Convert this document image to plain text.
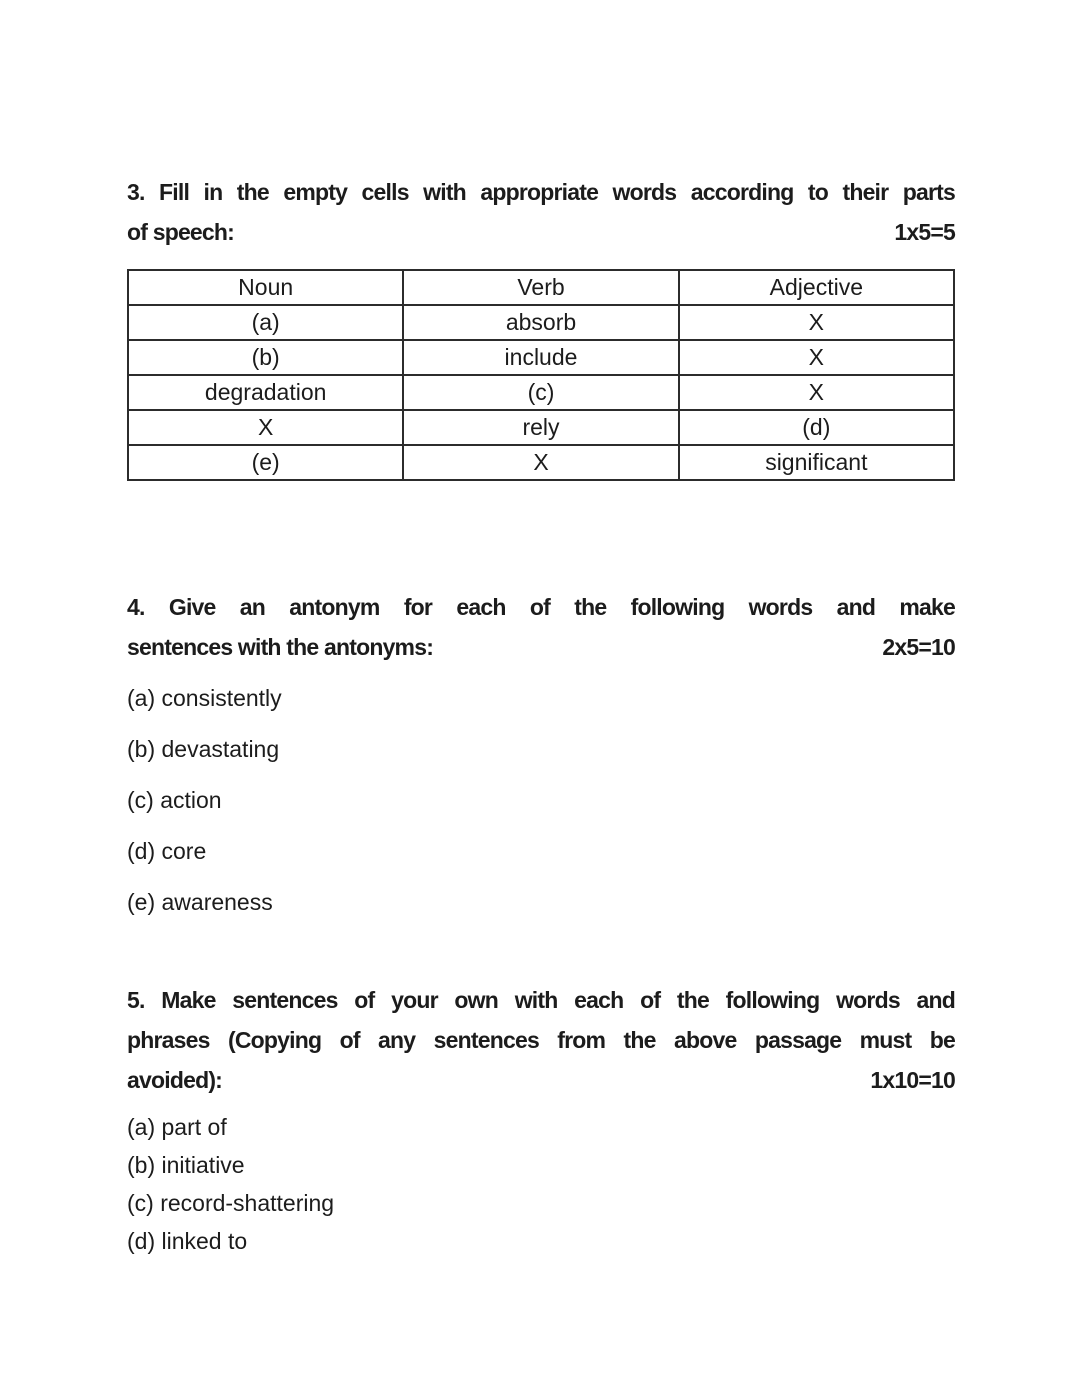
3. Fill in the empty cells with appropriate words according to their parts
of speech:	1x5=5
Noun	Verb	Adjective
(a)	absorb	X
(b)	include	X
degradation	(c)	X
X	rely	(d)
(e)	X	significant
4. Give an antonym for each of the following words and make
sentences with the antonyms:	2x5=10
(a) consistently
(b) devastating
(c) action
(d) core
(e) awareness
5. Make sentences of your own with each of the following words and
phrases (Copying of any sentences from the above passage must be
avoided):	1x10=10
(a) part of
(b) initiative
(c) record-shattering
(d) linked to
